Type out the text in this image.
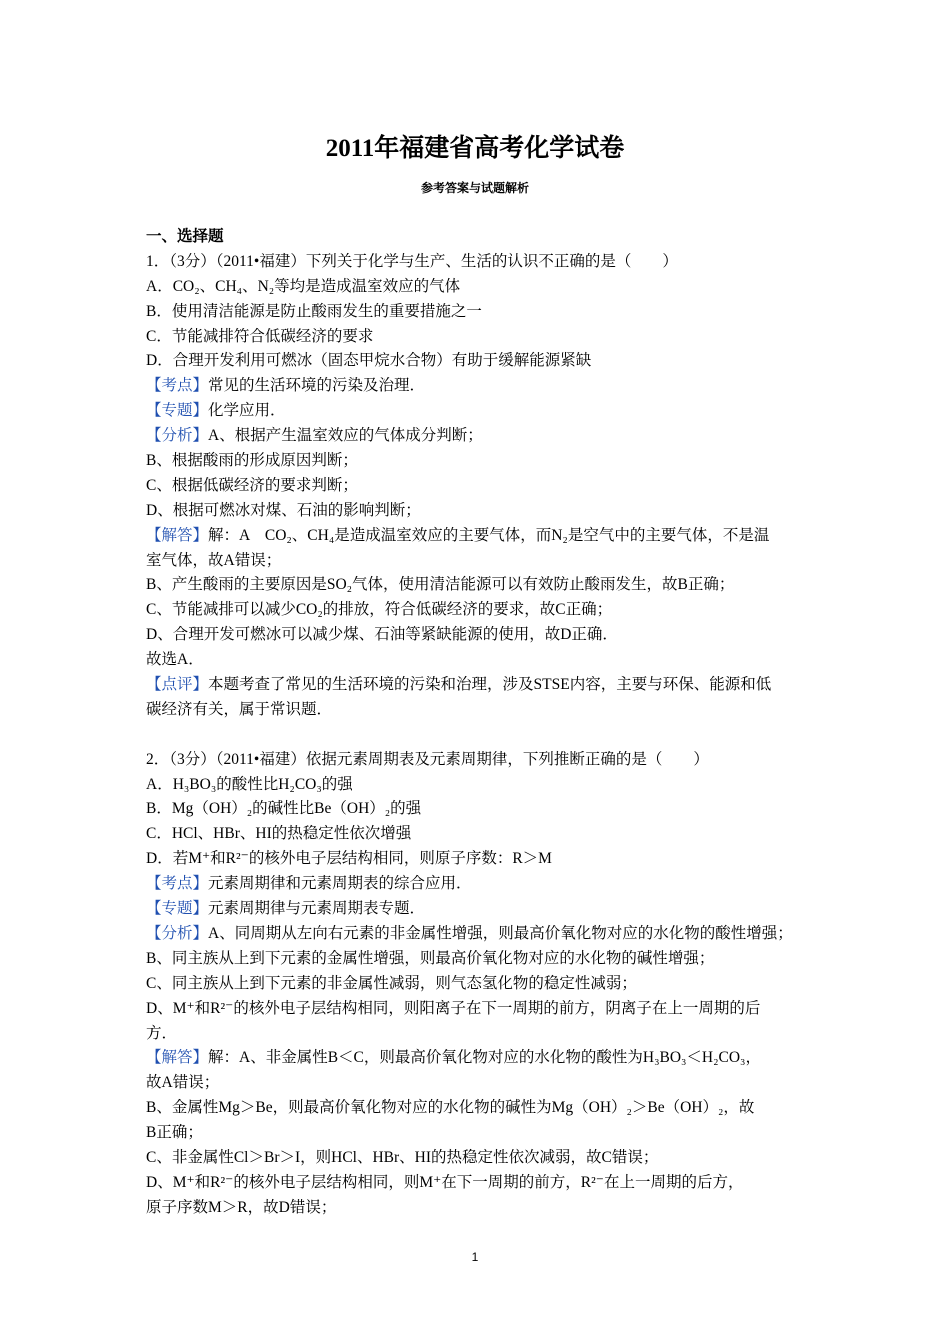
2011年福建省高考化学试卷
参考答案与试题解析
一、选择题
1．（3分）（2011•福建）下列关于化学与生产、生活的认识不正确的是（　　）
A．CO₂、CH₄、N₂等均是造成温室效应的气体
B．使用清洁能源是防止酸雨发生的重要措施之一
C．节能减排符合低碳经济的要求
D．合理开发利用可燃冰（固态甲烷水合物）有助于缓解能源紧缺
【考点】常见的生活环境的污染及治理．
【专题】化学应用．
【分析】A、根据产生温室效应的气体成分判断；
B、根据酸雨的形成原因判断；
C、根据低碳经济的要求判断；
D、根据可燃冰对煤、石油的影响判断；
【解答】解：A　CO₂、CH₄是造成温室效应的主要气体，而N₂是空气中的主要气体，不是温
室气体，故A错误；
B、产生酸雨的主要原因是SO₂气体，使用清洁能源可以有效防止酸雨发生，故B正确；
C、节能减排可以减少CO₂的排放，符合低碳经济的要求，故C正确；
D、合理开发可燃冰可以减少煤、石油等紧缺能源的使用，故D正确．
故选A．
【点评】本题考查了常见的生活环境的污染和治理，涉及STSE内容，主要与环保、能源和低
碳经济有关，属于常识题．
2．（3分）（2011•福建）依据元素周期表及元素周期律，下列推断正确的是（　　）
A．H₃BO₃的酸性比H₂CO₃的强
B．Mg（OH）₂的碱性比Be（OH）₂的强
C．HCl、HBr、HI的热稳定性依次增强
D．若M⁺和R²⁻的核外电子层结构相同，则原子序数：R＞M
【考点】元素周期律和元素周期表的综合应用．
【专题】元素周期律与元素周期表专题．
【分析】A、同周期从左向右元素的非金属性增强，则最高价氧化物对应的水化物的酸性增强；
B、同主族从上到下元素的金属性增强，则最高价氧化物对应的水化物的碱性增强；
C、同主族从上到下元素的非金属性减弱，则气态氢化物的稳定性减弱；
D、M⁺和R²⁻的核外电子层结构相同，则阳离子在下一周期的前方，阴离子在上一周期的后
方．
【解答】解：A、非金属性B＜C，则最高价氧化物对应的水化物的酸性为H₃BO₃＜H₂CO₃，
故A错误；
B、金属性Mg＞Be，则最高价氧化物对应的水化物的碱性为Mg（OH）₂＞Be（OH）₂，故
B正确；
C、非金属性Cl＞Br＞I，则HCl、HBr、HI的热稳定性依次减弱，故C错误；
D、M⁺和R²⁻的核外电子层结构相同，则M⁺在下一周期的前方，R²⁻在上一周期的后方，
原子序数M＞R，故D错误；
1
